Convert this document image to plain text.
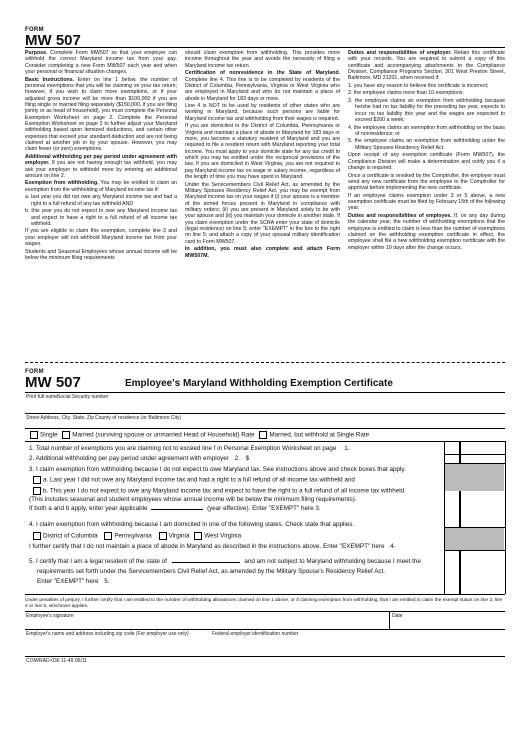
FORM
MW 507

Purpose. Complete Form MW507 so that your employer can withhold the correct Maryland income tax from your pay. Consider completing a new Form MW507 each year and when your personal or financial situation changes.

Basic Instructions. Enter on line 1 below, the number of personal exemptions that you will be claiming on your tax return; however, if you wish to claim more exemptions, or if your adjusted gross income will be more than $100,000 if you are filing single or married filing separately ($150,000, if you are filing jointly or as head of household), you must complete the Personal Exemption Worksheet on page 2. Complete the Personal Exemption Worksheet on page 2 to further adjust your Maryland withholding based upon itemized deductions, and certain other expenses that exceed your standard deduction and are not being claimed at another job or by your spouse. However, you may claim fewer (or zero) exemptions.

Additional withholding per pay period under agreement with employer. If you are not having enough tax withheld, you may ask your employer to withhold more by entering an additional amount on line 2.

Exemption from withholding. You may be entitled to claim an exemption from the withholding of Maryland income tax if:

a. last year you did not owe any Maryland income tax and had a right to a full refund of any tax withheld AND

b. this year you do not expect to owe any Maryland income tax and expect to have a right to a full refund of all income tax withheld.

If you are eligible to claim this exemption, complete line 3 and your employer will not withhold Maryland income tax from your wages.

Students and Seasonal Employees whose annual income will be below the minimum filing requirements

should claim exemption from withholding. This provides more income throughout the year and avoids the necessity of filing a Maryland income tax return.

Certification of nonresidence in the State of Maryland. Complete line 4. This line is to be completed by residents of the District of Columbia, Pennsylvania, Virginia or West Virginia who are employed in Maryland and who do not maintain a place of abode in Maryland for 183 days or more.

Line 4 is NOT to be used by residents of other states who are working in Maryland, because such persons are liable for Maryland income tax and withholding from their wages is required.

If you are domiciled in the District of Columbia, Pennsylvania or Virginia and maintain a place of abode in Maryland for 183 days or more, you become a statutory resident of Maryland and you are required to file a resident return with Maryland reporting your total income. You must apply to your domicile state for any tax credit to which you may be entitled under the reciprocal provisions of the law. If you are domiciled in West Virginia, you are not required to pay Maryland income tax on wage or salary income, regardless of the length of time you may have spent in Maryland.

Under the Servicemembers Civil Relief Act, as amended by the Military Spouses Residency Relief Act, you may be exempt from Maryland income tax on your wages if (i) your spouse is a member of the armed forces present in Maryland in compliance with military orders; (ii) you are present in Maryland solely to be with your spouse and (iii) you maintain your domicile in another state. If you claim exemption under the SCRA enter your state of domicile (legal residence) on line 5; enter "EXEMPT" in the box to the right on line 5; and attach a copy of your spousal military identification card to Form MW507.

In addition, you must also complete and attach Form MW507M.

Duties and responsibilities of employer. Retain this certificate with your records. You are required to submit a copy of this certificate and accompanying attachments to the Compliance Division, Compliance Programs Section, 301 West Preston Street, Baltimore, MD 21201, when received if:

1. you have any reason to believe this certificate is incorrect;

2. the employee claims more than 10 exemptions;

3. the employee claims an exemption from withholding because he/she had no tax liability for the preceding tax year, expects to incur no tax liability this year and the wages are expected to exceed $200 a week;

4. the employee claims an exemption from withholding on the basis of nonresidence; or

5. the employee claims an exemption from withholding under the Military Spouses Residency Relief Act.

Upon receipt of any exemption certificate (Form MW507), the Compliance Division will make a determination and notify you if a change is required.

Once a certificate is revoked by the Comptroller, the employer must send any new certificate from the employee to the Comptroller for approval before implementing the new certificate.

If an employee claims exemption under 3 or 5 above, a new exemption certificate must be filed by February 15th of the following year.

Duties and responsibilities of employee. If, on any day during the calendar year, the number of withholding exemptions that the employee is entitled to claim is less than the number of exemptions claimed on the withholding exemption certificate in effect, the employee shall file a new withholding exemption certificate with the employer within 10 days after the change occurs.

FORM
MW 507	Employee's Maryland Withholding Exemption Certificate
Print full name Social Security number
Street Address, City, State, Zip County of residence (or Baltimore City)
Single Married (surviving spouse or unmarried Head of Household) Rate Married, but withhold at Single Rate
1. Total number of exemptions you are claiming not to exceed line f in Personal Exemption Worksheet on page 1.
2. Additional withholding per pay period under agreement with employer 2. $
3. I claim exemption from withholding because I do not expect to owe Maryland tax. See instructions above and check boxes that apply.
a. Last year I did not owe any Maryland income tax and had a right to a full refund of all income tax withheld and
b. This year I do not expect to owe any Maryland income tax and expect to have the right to a full refund of all income tax withheld.
(This includes seasonal and student employees whose annual income will be below the minimum filing requirements).
If both a and b apply, enter year applicable	(year effective). Enter "EXEMPT" here 3.
4. I claim exemption from withholding because I am domiciled in one of the following states. Check state that applies.
District of Columbia	Pennsylvania	Virginia West Virginia
I further certify that I do not maintain a place of abode in Maryland as described in the instructions above. Enter "EXEMPT" here 4.
5. I certify that I am a legal resident of the state of	and am not subject to Maryland withholding because I meet the
requirements set forth under the Servicemembers Civil Relief Act, as amended by the Military Spouse's Residency Relief Act.
Enter "EXEMPT" here 5.
Under penalties of perjury, I further certify that I am entitled to the number of withholding allowances claimed on line 1 above, or if claiming exemption from withholding, that I am entitled to claim the exempt status on line 3, line 4 or line 5, whichever applies.
Employee's signature	Date
Employer's name and address including zip code (For employer use only)	Federal employer identification number
COM/RAD-036 11-49 06/11
